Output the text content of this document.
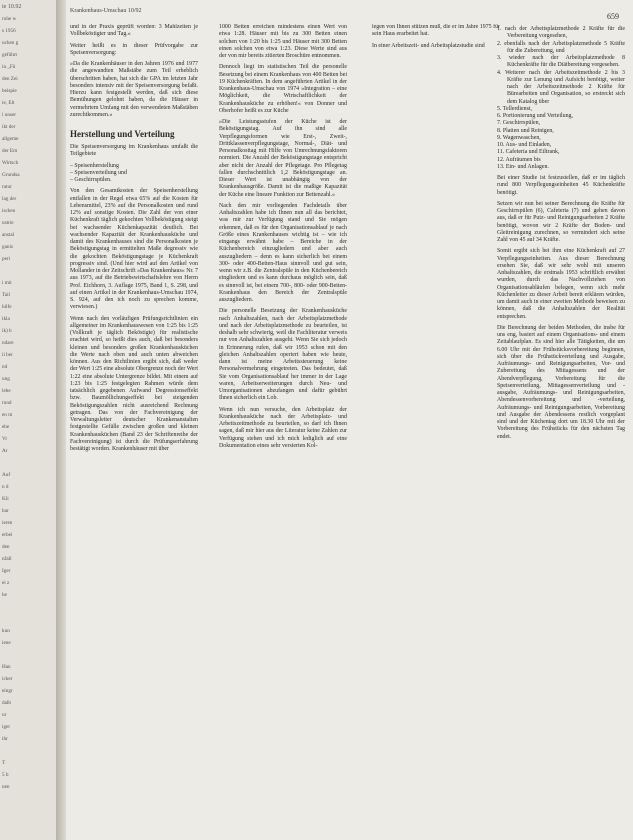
ie 10.92
ruhe w
s 1956
uchen g
geführt
in ,,Fü
den Zei
beispie
ie, Elt
i unser
ikt der
allgeme
der Em
Wirtsch
Grundsa
ratur
lag der
ischen
ustrie
anstal
ganis
peri
i mit
Tail
hilfe
ikla
ik) b
ndare
ii ber
nd
ung
lehe
rund
en m
ebe
Vr
Ar
Auf
n d
Kli
bar
ieren
erbei
den
nfall
Iger
ei z
he
kun
iene
Han
icker
eingr
dalb
ur
iget
ihr
T
5 b
nen
Krankenhaus-Umschau 10/92
659

und in der Praxis geprüft worden: 3 Mahlzeiten je Vollbeköstigter und Tag.«

Weiter heißt es in dieser Prüfvorgabe zur Speisenversorgung:

»Da die Krankenhäuser in den Jahren 1976 und 1977 die angewandten Maßstäbe zum Teil erheblich überschritten haben, hat sich die GPA im letzten Jahr besonders intensiv mit der Speisenversorgung befaßt. Hierzu kann festgestellt werden, daß sich diese Bemühungen gelohnt haben, da die Häuser in vermehrtem Umfang mit den verwendeten Maßstäben zurechtkommen.«

Herstellung und Verteilung

Die Speisenversorgung im Krankenhaus umfaßt die Teilgebiete

– Speisenherstellung
– Speisenverteilung und
– Geschirrspülen.

Von den Gesamtkosten der Speisenherstellung entfallen in der Regel etwa 65% auf die Kosten für Lebensmittel, 23% auf die Personalkosten und rund 12% auf sonstige Kosten. Die Zahl der von einer Küchenkraft täglich gekochten Vollbeköstigung steigt bei wachsender Küchenkapazität deutlich. Bei wachsender Kapazität der Krankenhausküche und damit des Krankenhauses sind die Personalkosten je Beköstigungstag in ermittelten Maße degressiv wie die gekochten Beköstigungstage je Küchenkraft progressiv sind. (Und hier wird auf den Artikel von Mollander in der Zeitschrift »Das Krankenhaus« Nr. 7 aus 1973, auf die Betriebswirtschaftslehre von Herrn Prof. Eichhorn, 3. Auflage 1975, Band 1, S. 298, und auf einen Artikel in der Krankenhaus-Umschau 1974, S. 924, auf den ich noch zu sprechen komme, verwiesen.)

Wenn nach den vorläufigen Prüfungsrichtlinien ein allgemeiner im Krankenhauswesen von 1:25 bis 1:25 (Vollkraft je täglich Beköstigte) für realistische erachtet wird, so heißt dies auch, daß bei besonders kleinen und besonders großen Krankenhausküchen die Werte nach oben und auch unten abweichen können. Aus den Richtlinien ergibt sich, daß weder der Wert 1:25 eine absolute Obergrenze noch der Wert 1:22 eine absolute Untergrenze bildet. Mit einem auf 1:23 bis 1:25 festgelegten Rahmen würde dem tatsächlich gegebenen Aufwand Degressionseffekt bzw. Baumöllichungseffekt bei steigenden Beköstigungszahlen nicht ausreichend Rechnung getragen. Das von der Fachvereinigung der Verwaltungsleiter deutscher Krankenanstalten festgestellte Gefälle zwischen großen und kleinen Krankenhausküchen (Band 23 der Schriftenreihe der Fachvereinigung) ist durch die Prüfungserfahrung bestätigt worden. Krankenhäuser mit über

1000 Betten erreichen mindestens einen Wert von etwa 1:28. Häuser mit bis zu 300 Betten einen solchen von 1:20 bis 1:25 und Häuser mit 300 Betten einen solchen von etwa 1:23. Diese Werte sind aus der von mir bereits zitierten Broschüre entnommen.

Dennoch liegt im statistischen Teil die personelle Besetzung bei einem Krankenhaus von 400 Betten bei 19 Küchenkräften. In dem angeführten Artikel in der Krankenhaus-Umschau von 1974 »Integration – eine Möglichkeit, die Wirtschaftlichkeit der Krankenhausküche zu erhöhen!« von Donner und Oberhofer heißt es zur Küche

»Die Leistungsstufen der Küche ist der Beköstigungstag. Auf ihn sind alle Verpflegungsformen wie Erst-, Zweit-, Drittklassenverpflegungstage, Normal-, Diät- und Personalkosttag mit Hilfe von Umrechnungsfaktoren normiert. Die Anzahl der Beköstigungstage entspricht aber nicht der Anzahl der Pflegetage. Pro Pflegetag fallen durchschnittlich 1,2 Beköstigungstage an. Dieser Wert ist unabhängig von der Krankenhausgröße. Damit ist die maßige Kapazität der Küche eine lineare Funktion zur Bettenzahl.«

Nach den mir vorliegenden Fachdetails über Anhaltszahlen habe ich Ihnen nun all das berichtet, was mir zur Verfügung stand und Sie mögen erkennen, daß es für den Organisationsablauf je nach Größe eines Krankenhauses wichtig ist – wie ich eingangs erwähnt habe – Bereiche in der Küchenbereich einzugliedern und aber auch auszugliedern – denn es kann sicherlich bei einem 300- oder 400-Betten-Haus sinnvoll und gut sein, wenn wir z.B. die Zentralspüle in den Küchenbereich eingliedern und es kann durchaus möglich sein, daß es sinnvoll ist, bei einem 700-, 800- oder 900-Betten-Krankenhaus den Bereich der Zentralspüle auszugliedern.

Die personelle Besetzung der Krankenhausküche nach Anhaltszahlen, nach der Arbeitsplatzmethode und nach der Arbeitsplatzmethode zu beurteilen, ist deshalb sehr schwierig, weil die Fachliteratur verweis nur von Anhaltszahlen ausgeht. Wenn Sie sich jedoch in Erinnerung rufen, daß wir 1953 schon mit den gleichen Anhaltszahlen operiert haben wie heute, dann ist meine Arbeitssteuerung keine Personalvermehrung eingetreten. Das bedeutet, daß Sie vom Organisationsablauf her immer in der Lage waren, Arbeitserweiterungen durch Neu- und Umorganisationen abzufangen und dafür gebührt Ihnen sicherlich ein Lob.

Wenn ich nun versuche, den Arbeitsplatz der Krankenhausküche nach der Arbeitsplatz- und Arbeitszeitmethode zu beurteilen, so darf ich Ihnen sagen, daß mir hier aus der Literatur keine Zahlen zur Verfügung stehen und ich mich lediglich auf eine Dokumentation eines sehr versierten Kol-

legen von Ihnen stützen muß, die er im Jahre 1975 für sein Haus erarbeitet hat.

In einer Arbeitszeit- und Arbeitsplatzstudie sind

1. nach der Arbeitsplatzmethode 2 Kräfte für die Verbereitung vorgesehen,
2. ebenfalls nach der Arbeitsplatzmethode 5 Kräfte für die Zubereitung, und
3. wieder nach der Arbeitsplatzmethode 8 Küchenkräfte für die Diätbereitung vorgesehen.
4. Weiterer nach der Arbeitszeitmethode 2 bis 3 Kräfte zur Lenung und Aufsicht benötigt, weiter nach der Arbeitszeitmethode 2 Kräfte für Bürearbeiten und Organisation, so erstreckt sich dem Katalog über
5. Tellerdienst,
6. Portionierung und Verteilung,
7. Geschirrspülen,
8. Platten und Reinigen,
9. Wagenwaschen,
10. Aus- und Einladen,
11. Cafeteria und Eiltrank,
12. Aufräumen bis
13. Ein- und Anlagen.

Bei einer Studie ist festzustellen, daß er im täglich rund 800 Verpflegungseinheiten 45 Küchenkräfte benötigt.

Setzen wir nun bei seiner Berechnung die Kräfte für Geschirrspülen (6), Cafeteria (7) und gehen davon aus, daß er für Putz- und Reinigungsarbeiten 2 Kräfte benötigt, wovon wir 2 Kräfte der Boden- und Gleitreinigung zurechnen, so vermindert sich seine Zahl von 45 auf 34 Kräfte.

Somit ergibt sich bei ihm eine Küchenkraft auf 27 Verpflegungseinheiten. Aus dieser Berechnung ersehen Sie, daß wir sehr wohl mit unseren Anhaltszahlen, die erstmals 1953 schriftlich erwähnt wurden, durch das Nachvollziehen von Organisationsabläufen belegen, wenn sich mehr Küchenleiter zu dieser Arbeit bereit erklären würden, um damit auch in einer zweiten Methode beweisen zu können, daß die Anhaltszahlen der Realität entsprechen.

Die Berechnung der beiden Methoden, die insbe für uns eng, basiert auf einem Organisations- und einem Zeitablaufplan. Es sind hier alle Tätigkeiten, die um 6.00 Uhr mit der Frühstücksvorbereitung beginnen, sich über die Frühstückverteilung und Ausgabe, Aufräumungs- und Reinigungsarbeiten, Vor- und Zubereitung des Mittagessens und der Abendverpflegung, Vorbereitung für die Speisenverteilung, Mittagessenverteilung und -ausgabe, Aufräumungs- und Reinigungsarbeiten, Abendessenvorbereitung und -verteilung, Aufräumungs- und Reinigungsarbeiten, Vorbereitung und Ausgabe der Abendessens restlich vorgeplant sind und der Küchentag dort um 18.30 Uhr mit der Vorbereitung des Frühstücks für den nächsten Tag endet.
